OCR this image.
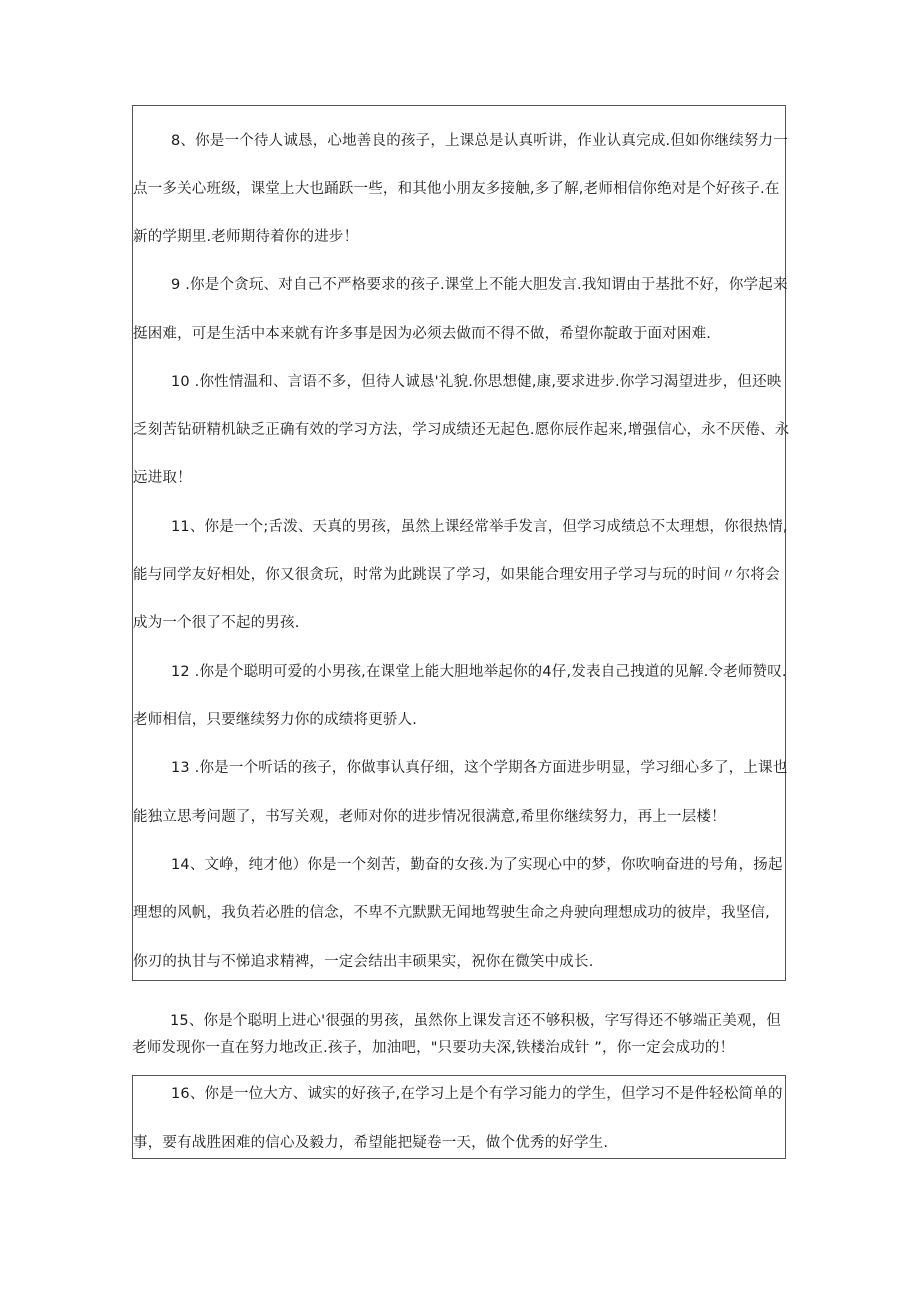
8、你是一个待人诚恳，心地善良的孩子，上课总是认真听讲，作业认真完成.但如你继续努力一
点一多关心班级，课堂上大也踊跃一些，和其他小朋友多接触,多了解,老师相信你绝对是个好孩子.在
新的学期里.老师期待着你的进步！
9 .你是个贪玩、对自己不严格要求的孩子.课堂上不能大胆发言.我知谓由于基批不好，你学起来
挺困难，可是生活中本来就有许多事是因为必须去做而不得不做，希望你靛敢于面对困难.
10 .你性情温和、言语不多，但待人诚恳'礼貌.你思想健,康,要求进步.你学习渴望进步，但还映
乏刻苦钻研精机缺乏正确有效的学习方法，学习成绩还无起色.愿你辰作起来,增强信心，永不厌倦、永
远进取！
11、你是一个;舌泼、天真的男孩，虽然上课经常举手发言，但学习成绩总不太理想，你很热情,
能与同学友好相处，你又很贪玩，时常为此跳误了学习，如果能合理安用子学习与玩的时间〃尔将会
成为一个很了不起的男孩.
12 .你是个聪明可爱的小男孩,在课堂上能大胆地举起你的4仔,发表自己拽道的见解.令老师赞叹.
老师相信，只要继续努力你的成绩将更骄人.
13 .你是一个听话的孩子，你做事认真仔细，这个学期各方面进步明显，学习细心多了，上课也
能独立思考问题了，书写关观，老师对你的进步情况很满意,希里你继续努力，再上一层楼！
14、文峥，纯才他）你是一个刻苦，勤奋的女孩.为了实现心中的梦，你吹响奋进的号角，扬起
理想的风帆，我负若必胜的信念，不卑不亢默默无闻地驾驶生命之舟驶向理想成功的彼岸，我坚信,
你刃的执甘与不悌追求精裨，一定会结出丰硕果实，祝你在微笑中成长.
15、你是个聪明上进心'很强的男孩，虽然你上课发言还不够积极，字写得还不够端正美观，但
老师发现你一直在努力地改正.孩子，加油吧，"只要功夫深,铁楼治成针 ”，你一定会成功的！
16、你是一位大方、诚实的好孩子,在学习上是个有学习能力的学生，但学习不是件轻松简单的
事，要有战胜困难的信心及毅力，希望能把疑卷一天，做个优秀的好学生.
